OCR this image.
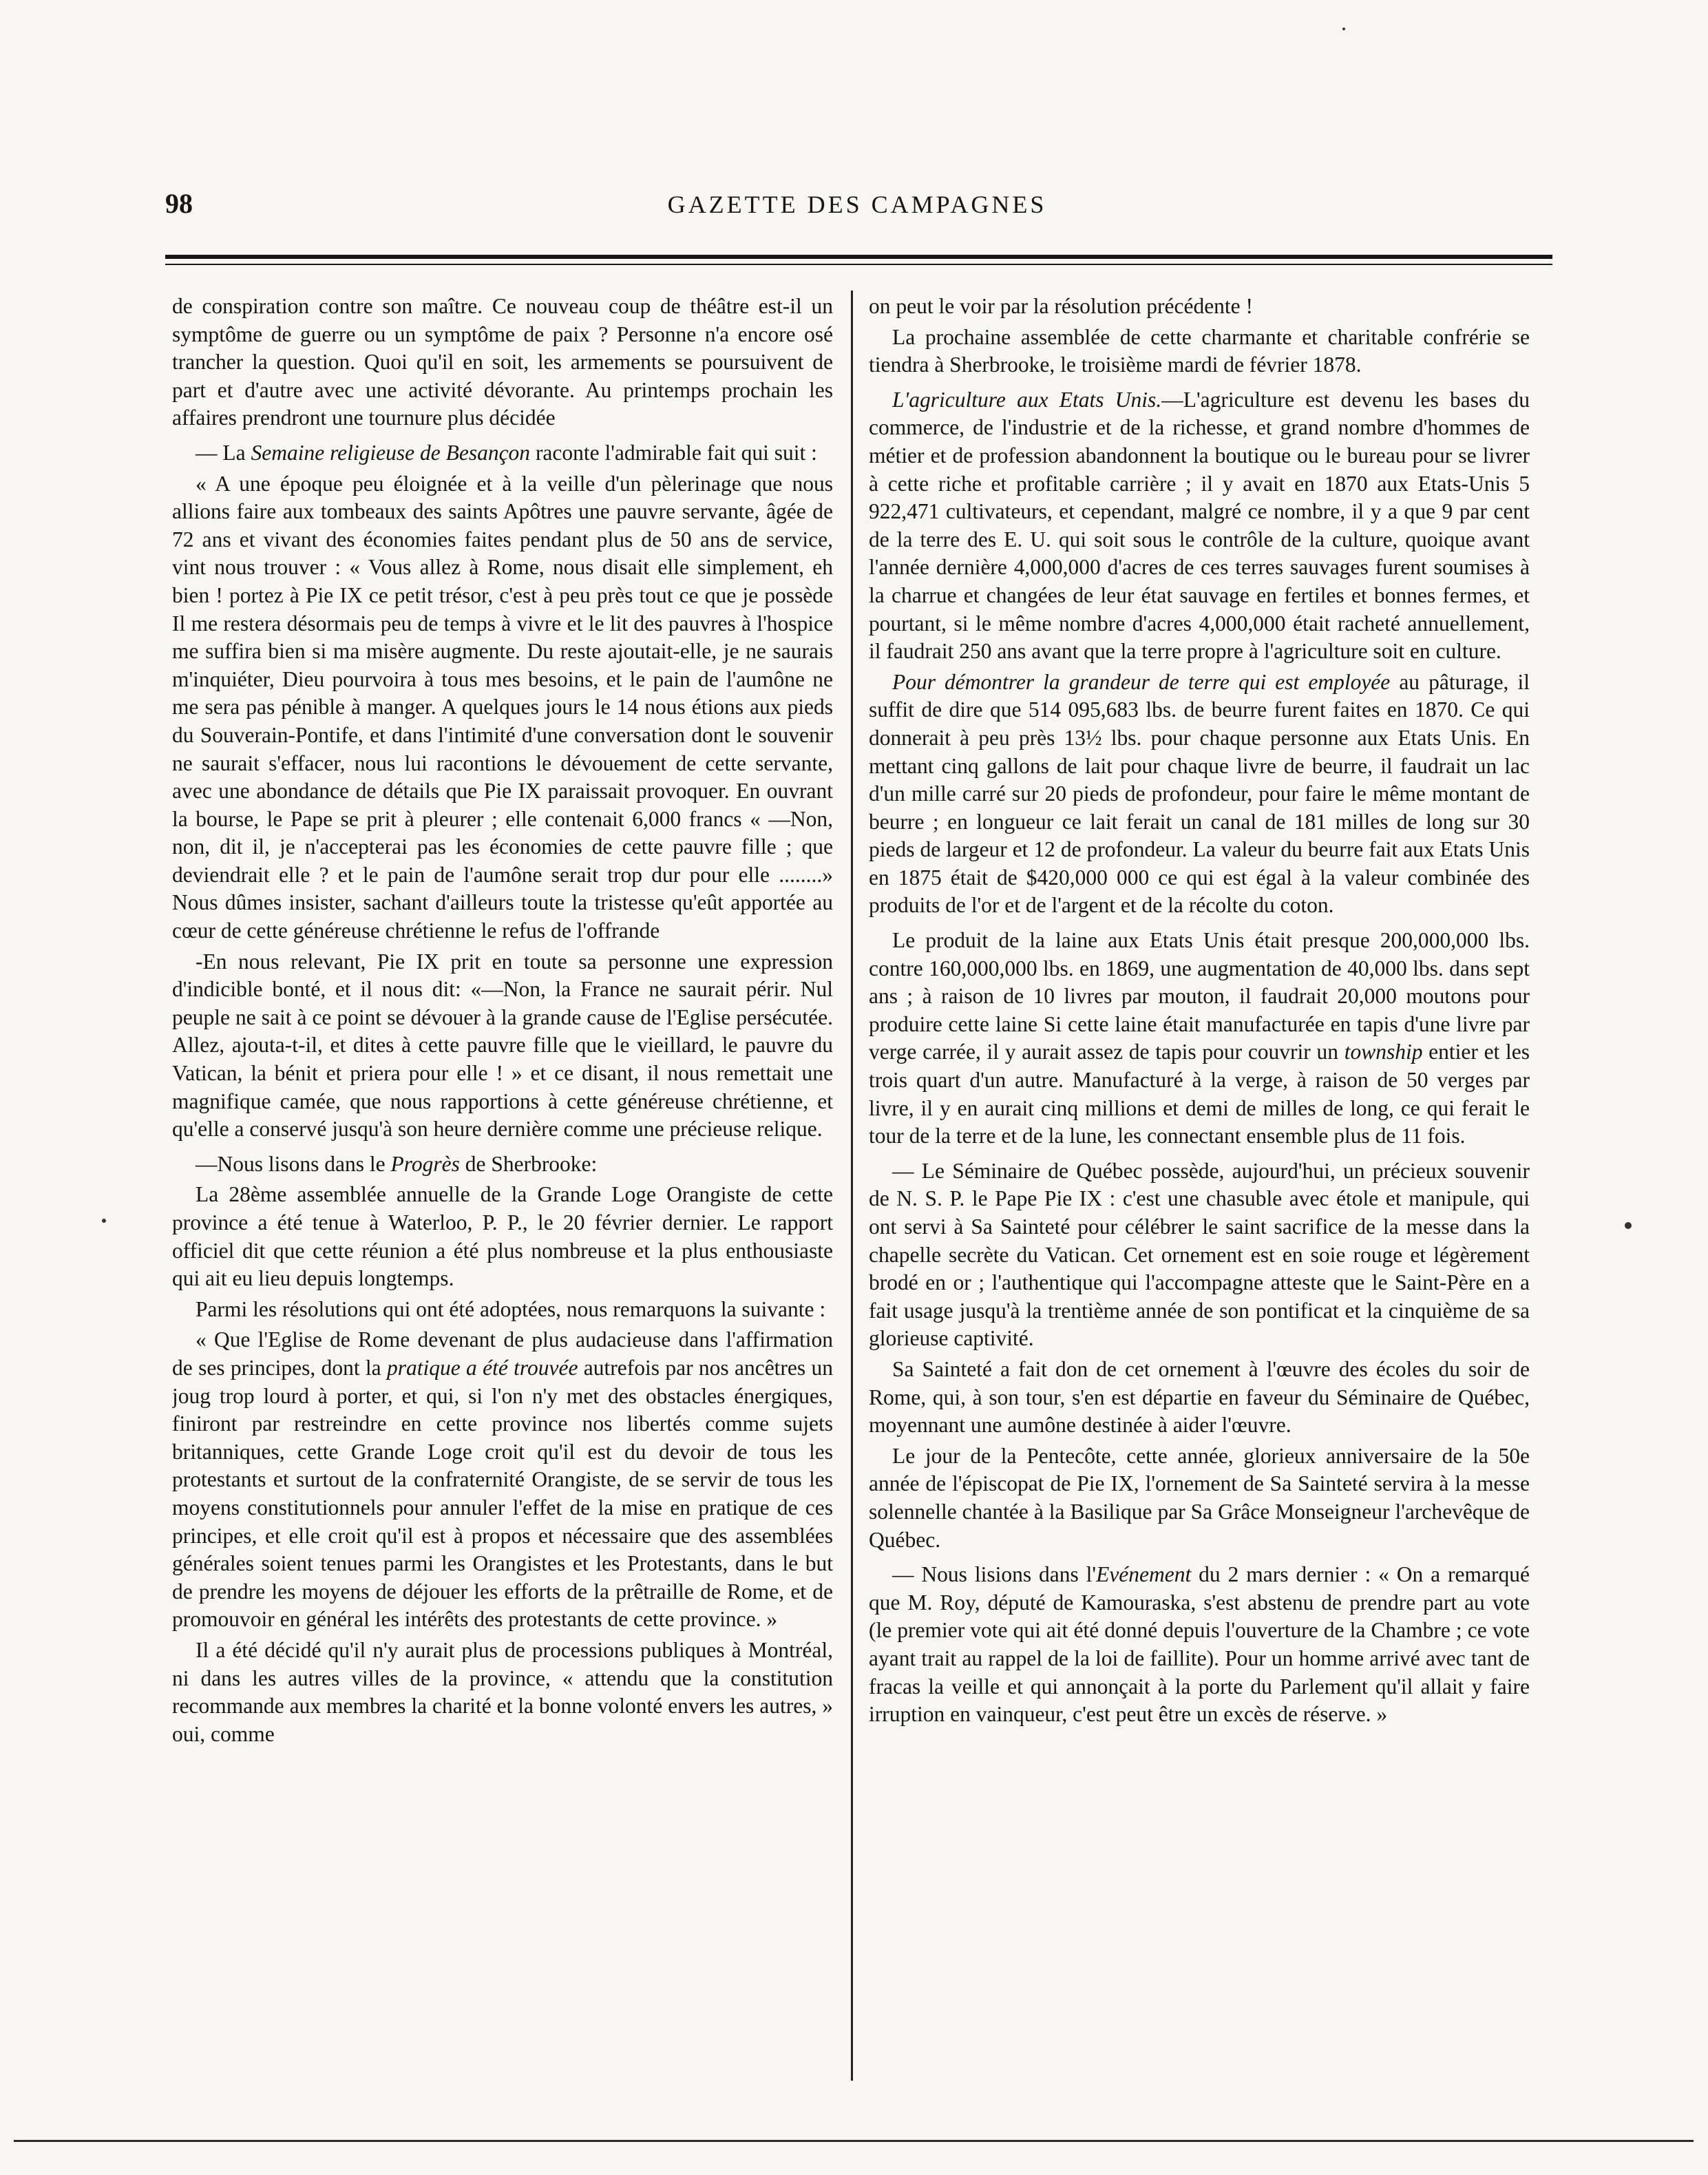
98	GAZETTE DES CAMPAGNES

de conspiration contre son maître. Ce nouveau coup de théâtre est-il un symptôme de guerre ou un symptôme de paix ? Personne n'a encore osé trancher la question. Quoi qu'il en soit, les armements se poursuivent de part et d'autre avec une activité dévorante. Au printemps prochain les affaires prendront une tournure plus décidée

— La Semaine religieuse de Besançon raconte l'admirable fait qui suit :

« A une époque peu éloignée et à la veille d'un pèlerinage que nous allions faire aux tombeaux des saints Apôtres une pauvre servante, âgée de 72 ans et vivant des économies faites pendant plus de 50 ans de service, vint nous trouver : « Vous allez à Rome, nous disait elle simplement, eh bien ! portez à Pie IX ce petit trésor, c'est à peu près tout ce que je possède Il me restera désormais peu de temps à vivre et le lit des pauvres à l'hospice me suffira bien si ma misère augmente. Du reste ajoutait-elle, je ne saurais m'inquiéter, Dieu pourvoira à tous mes besoins, et le pain de l'aumône ne me sera pas pénible à manger. A quelques jours le 14 nous étions aux pieds du Souverain-Pontife, et dans l'intimité d'une conversation dont le souvenir ne saurait s'effacer, nous lui racontions le dévouement de cette servante, avec une abondance de détails que Pie IX paraissait provoquer. En ouvrant la bourse, le Pape se prit à pleurer ; elle contenait 6,000 francs « —Non, non, dit il, je n'accepterai pas les économies de cette pauvre fille ; que deviendrait elle ? et le pain de l'aumône serait trop dur pour elle ........» Nous dûmes insister, sachant d'ailleurs toute la tristesse qu'eût apportée au cœur de cette généreuse chrétienne le refus de l'offrande

-En nous relevant, Pie IX prit en toute sa personne une expression d'indicible bonté, et il nous dit: «—Non, la France ne saurait périr. Nul peuple ne sait à ce point se dévouer à la grande cause de l'Eglise persécutée. Allez, ajouta-t-il, et dites à cette pauvre fille que le vieillard, le pauvre du Vatican, la bénit et priera pour elle ! » et ce disant, il nous remettait une magnifique camée, que nous rapportions à cette généreuse chrétienne, et qu'elle a conservé jusqu'à son heure dernière comme une précieuse relique.

—Nous lisons dans le Progrès de Sherbrooke:

La 28ème assemblée annuelle de la Grande Loge Orangiste de cette province a été tenue à Waterloo, P. P., le 20 février dernier. Le rapport officiel dit que cette réunion a été plus nombreuse et la plus enthousiaste qui ait eu lieu depuis longtemps.

Parmi les résolutions qui ont été adoptées, nous remarquons la suivante :

« Que l'Eglise de Rome devenant de plus audacieuse dans l'affirmation de ses principes, dont la pratique a été trouvée autrefois par nos ancêtres un joug trop lourd à porter, et qui, si l'on n'y met des obstacles énergiques, finiront par restreindre en cette province nos libertés comme sujets britanniques, cette Grande Loge croit qu'il est du devoir de tous les protestants et surtout de la confraternité Orangiste, de se servir de tous les moyens constitutionnels pour annuler l'effet de la mise en pratique de ces principes, et elle croit qu'il est à propos et nécessaire que des assemblées générales soient tenues parmi les Orangistes et les Protestants, dans le but de prendre les moyens de déjouer les efforts de la prêtraille de Rome, et de promouvoir en général les intérêts des protestants de cette province. »

Il a été décidé qu'il n'y aurait plus de processions publiques à Montréal, ni dans les autres villes de la province, « attendu que la constitution recommande aux membres la charité et la bonne volonté envers les autres, » oui, comme

on peut le voir par la résolution précédente !

La prochaine assemblée de cette charmante et charitable confrérie se tiendra à Sherbrooke, le troisième mardi de février 1878.

L'agriculture aux Etats Unis.—L'agriculture est devenu les bases du commerce, de l'industrie et de la richesse, et grand nombre d'hommes de métier et de profession abandonnent la boutique ou le bureau pour se livrer à cette riche et profitable carrière ; il y avait en 1870 aux Etats-Unis 5 922,471 cultivateurs, et cependant, malgré ce nombre, il y a que 9 par cent de la terre des E. U. qui soit sous le contrôle de la culture, quoique avant l'année dernière 4,000,000 d'acres de ces terres sauvages furent soumises à la charrue et changées de leur état sauvage en fertiles et bonnes fermes, et pourtant, si le même nombre d'acres 4,000,000 était racheté annuellement, il faudrait 250 ans avant que la terre propre à l'agriculture soit en culture.

Pour démontrer la grandeur de terre qui est employée au pâturage, il suffit de dire que 514 095,683 lbs. de beurre furent faites en 1870. Ce qui donnerait à peu près 13½ lbs. pour chaque personne aux Etats Unis. En mettant cinq gallons de lait pour chaque livre de beurre, il faudrait un lac d'un mille carré sur 20 pieds de profondeur, pour faire le même montant de beurre ; en longueur ce lait ferait un canal de 181 milles de long sur 30 pieds de largeur et 12 de profondeur. La valeur du beurre fait aux Etats Unis en 1875 était de $420,000 000 ce qui est égal à la valeur combinée des produits de l'or et de l'argent et de la récolte du coton.

Le produit de la laine aux Etats Unis était presque 200,000,000 lbs. contre 160,000,000 lbs. en 1869, une augmentation de 40,000 lbs. dans sept ans ; à raison de 10 livres par mouton, il faudrait 20,000 moutons pour produire cette laine Si cette laine était manufacturée en tapis d'une livre par verge carrée, il y aurait assez de tapis pour couvrir un township entier et les trois quart d'un autre. Manufacturé à la verge, à raison de 50 verges par livre, il y en aurait cinq millions et demi de milles de long, ce qui ferait le tour de la terre et de la lune, les connectant ensemble plus de 11 fois.

— Le Séminaire de Québec possède, aujourd'hui, un précieux souvenir de N. S. P. le Pape Pie IX : c'est une chasuble avec étole et manipule, qui ont servi à Sa Sainteté pour célébrer le saint sacrifice de la messe dans la chapelle secrète du Vatican. Cet ornement est en soie rouge et légèrement brodé en or ; l'authentique qui l'accompagne atteste que le Saint-Père en a fait usage jusqu'à la trentième année de son pontificat et la cinquième de sa glorieuse captivité.

Sa Sainteté a fait don de cet ornement à l'œuvre des écoles du soir de Rome, qui, à son tour, s'en est départie en faveur du Séminaire de Québec, moyennant une aumône destinée à aider l'œuvre.

Le jour de la Pentecôte, cette année, glorieux anniversaire de la 50e année de l'épiscopat de Pie IX, l'ornement de Sa Sainteté servira à la messe solennelle chantée à la Basilique par Sa Grâce Monseigneur l'archevêque de Québec.

— Nous lisions dans l'Evénement du 2 mars dernier : « On a remarqué que M. Roy, député de Kamouraska, s'est abstenu de prendre part au vote (le premier vote qui ait été donné depuis l'ouverture de la Chambre ; ce vote ayant trait au rappel de la loi de faillite). Pour un homme arrivé avec tant de fracas la veille et qui annonçait à la porte du Parlement qu'il allait y faire irruption en vainqueur, c'est peut être un excès de réserve. »
